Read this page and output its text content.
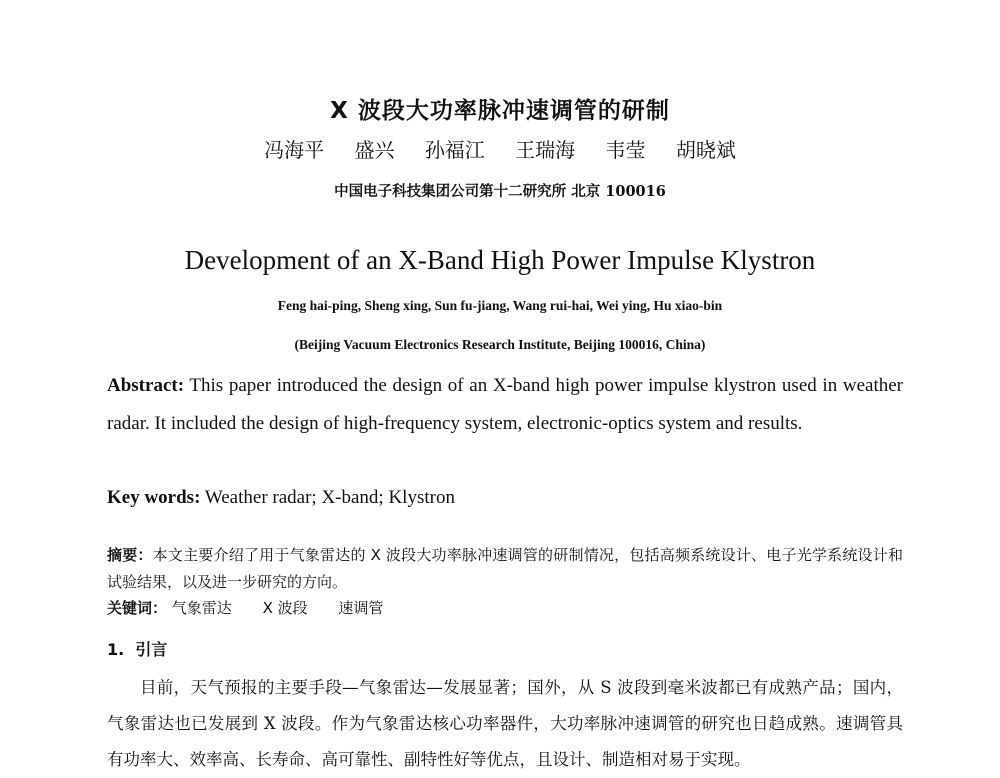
X 波段大功率脉冲速调管的研制
冯海平 盛兴 孙福江 王瑞海 韦莹 胡晓斌
中国电子科技集团公司第十二研究所 北京 100016
Development of an X-Band High Power Impulse Klystron
Feng hai-ping, Sheng xing, Sun fu-jiang, Wang rui-hai, Wei ying, Hu xiao-bin
(Beijing Vacuum Electronics Research Institute, Beijing 100016, China)
Abstract: This paper introduced the design of an X-band high power impulse klystron used in weather radar. It included the design of high-frequency system, electronic-optics system and results.
Key words: Weather radar; X-band; Klystron
摘要：本文主要介绍了用于气象雷达的 X 波段大功率脉冲速调管的研制情况，包括高频系统设计、电子光学系统设计和试验结果，以及进一步研究的方向。
关键词： 气象雷达 X 波段 速调管
1. 引言
目前，天气预报的主要手段—气象雷达—发展显著；国外，从 S 波段到毫米波都已有成熟产品；国内，气象雷达也已发展到 X 波段。作为气象雷达核心功率器件，大功率脉冲速调管的研究也日趋成熟。速调管具有功率大、效率高、长寿命、高可靠性、副特性好等优点，且设计、制造相对易于实现。
